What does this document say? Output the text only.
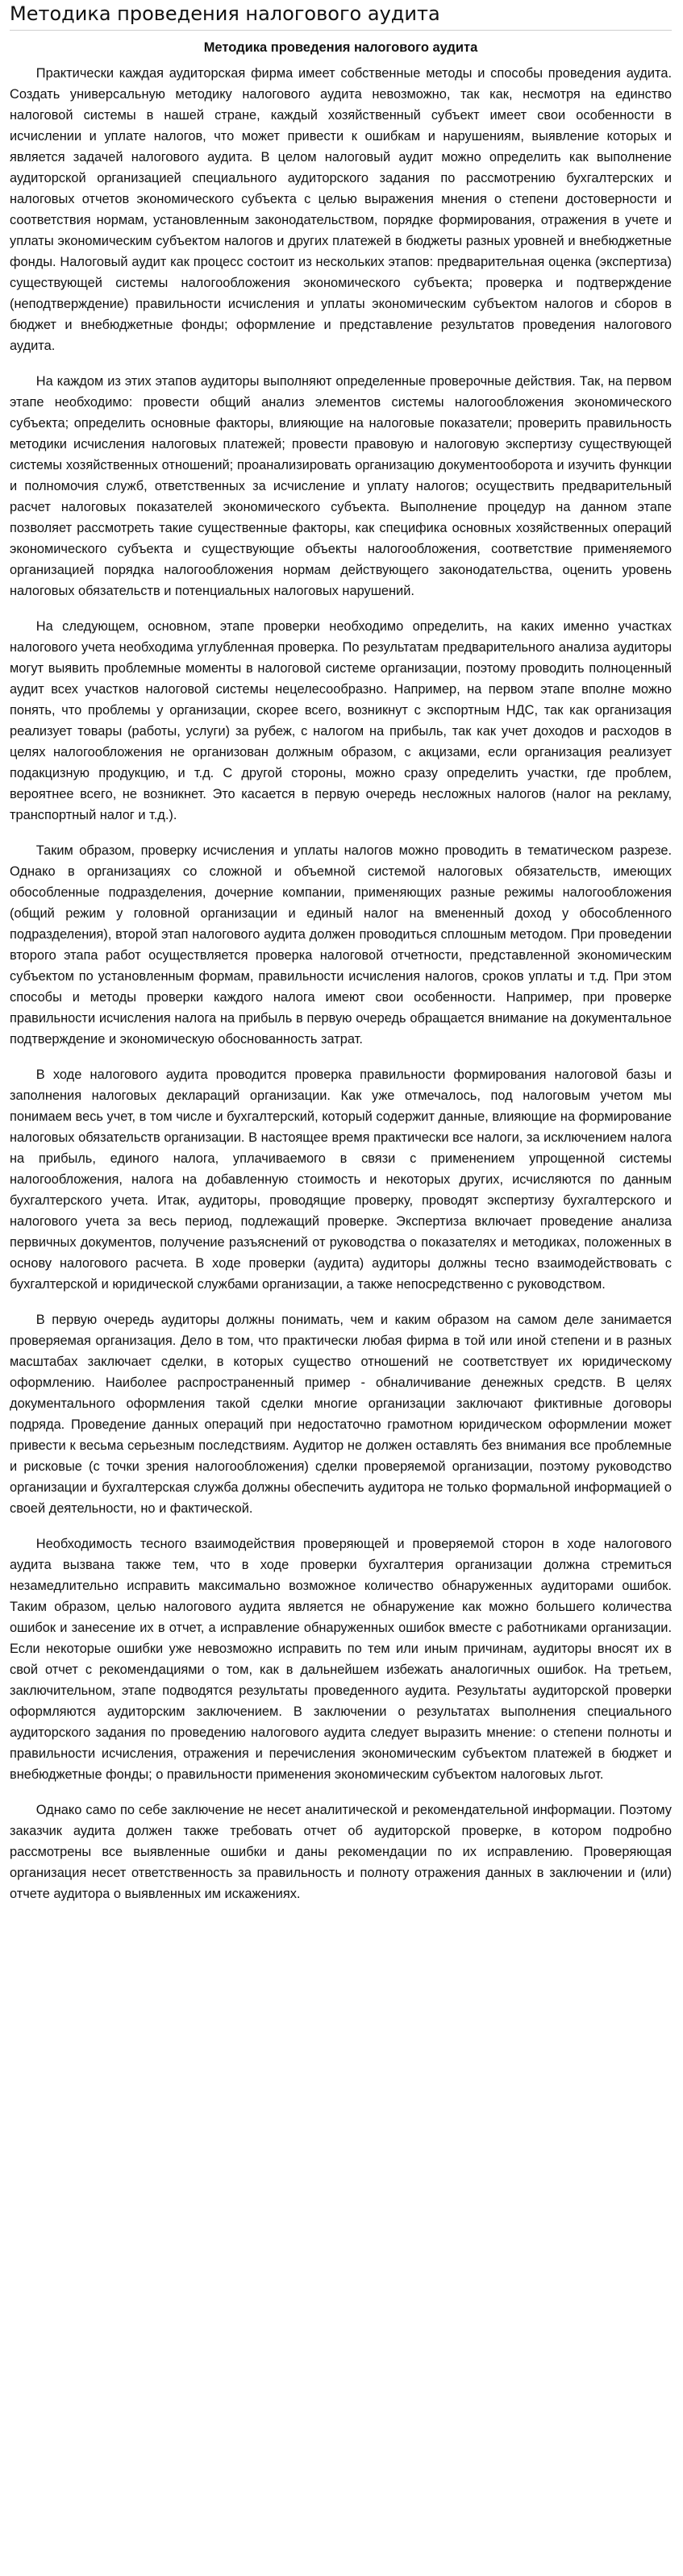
Методика проведения налогового аудита
Методика проведения налогового аудита

Практически каждая аудиторская фирма имеет собственные методы и способы проведения аудита. Создать универсальную методику налогового аудита невозможно, так как, несмотря на единство налоговой системы в нашей стране, каждый хозяйственный субъект имеет свои особенности в исчислении и уплате налогов, что может привести к ошибкам и нарушениям, выявление которых и является задачей налогового аудита. В целом налоговый аудит можно определить как выполнение аудиторской организацией специального аудиторского задания по рассмотрению бухгалтерских и налоговых отчетов экономического субъекта с целью выражения мнения о степени достоверности и соответствия нормам, установленным законодательством, порядке формирования, отражения в учете и уплаты экономическим субъектом налогов и других платежей в бюджеты разных уровней и внебюджетные фонды. Налоговый аудит как процесс состоит из нескольких этапов: предварительная оценка (экспертиза) существующей системы налогообложения экономического субъекта; проверка и подтверждение (неподтверждение) правильности исчисления и уплаты экономическим субъектом налогов и сборов в бюджет и внебюджетные фонды; оформление и представление результатов проведения налогового аудита.

На каждом из этих этапов аудиторы выполняют определенные проверочные действия. Так, на первом этапе необходимо: провести общий анализ элементов системы налогообложения экономического субъекта; определить основные факторы, влияющие на налоговые показатели; проверить правильность методики исчисления налоговых платежей; провести правовую и налоговую экспертизу существующей системы хозяйственных отношений; проанализировать организацию документооборота и изучить функции и полномочия служб, ответственных за исчисление и уплату налогов; осуществить предварительный расчет налоговых показателей экономического субъекта. Выполнение процедур на данном этапе позволяет рассмотреть такие существенные факторы, как специфика основных хозяйственных операций экономического субъекта и существующие объекты налогообложения, соответствие применяемого организацией порядка налогообложения нормам действующего законодательства, оценить уровень налоговых обязательств и потенциальных налоговых нарушений.

На следующем, основном, этапе проверки необходимо определить, на каких именно участках налогового учета необходима углубленная проверка. По результатам предварительного анализа аудиторы могут выявить проблемные моменты в налоговой системе организации, поэтому проводить полноценный аудит всех участков налоговой системы нецелесообразно. Например, на первом этапе вполне можно понять, что проблемы у организации, скорее всего, возникнут с экспортным НДС, так как организация реализует товары (работы, услуги) за рубеж, с налогом на прибыль, так как учет доходов и расходов в целях налогообложения не организован должным образом, с акцизами, если организация реализует подакцизную продукцию, и т.д. С другой стороны, можно сразу определить участки, где проблем, вероятнее всего, не возникнет. Это касается в первую очередь несложных налогов (налог на рекламу, транспортный налог и т.д.).

Таким образом, проверку исчисления и уплаты налогов можно проводить в тематическом разрезе. Однако в организациях со сложной и объемной системой налоговых обязательств, имеющих обособленные подразделения, дочерние компании, применяющих разные режимы налогообложения (общий режим у головной организации и единый налог на вмененный доход у обособленного подразделения), второй этап налогового аудита должен проводиться сплошным методом. При проведении второго этапа работ осуществляется проверка налоговой отчетности, представленной экономическим субъектом по установленным формам, правильности исчисления налогов, сроков уплаты и т.д. При этом способы и методы проверки каждого налога имеют свои особенности. Например, при проверке правильности исчисления налога на прибыль в первую очередь обращается внимание на документальное подтверждение и экономическую обоснованность затрат.

В ходе налогового аудита проводится проверка правильности формирования налоговой базы и заполнения налоговых деклараций организации. Как уже отмечалось, под налоговым учетом мы понимаем весь учет, в том числе и бухгалтерский, который содержит данные, влияющие на формирование налоговых обязательств организации. В настоящее время практически все налоги, за исключением налога на прибыль, единого налога, уплачиваемого в связи с применением упрощенной системы налогообложения, налога на добавленную стоимость и некоторых других, исчисляются по данным бухгалтерского учета. Итак, аудиторы, проводящие проверку, проводят экспертизу бухгалтерского и налогового учета за весь период, подлежащий проверке. Экспертиза включает проведение анализа первичных документов, получение разъяснений от руководства о показателях и методиках, положенных в основу налогового расчета. В ходе проверки (аудита) аудиторы должны тесно взаимодействовать с бухгалтерской и юридической службами организации, а также непосредственно с руководством.

В первую очередь аудиторы должны понимать, чем и каким образом на самом деле занимается проверяемая организация. Дело в том, что практически любая фирма в той или иной степени и в разных масштабах заключает сделки, в которых существо отношений не соответствует их юридическому оформлению. Наиболее распространенный пример - обналичивание денежных средств. В целях документального оформления такой сделки многие организации заключают фиктивные договоры подряда. Проведение данных операций при недостаточно грамотном юридическом оформлении может привести к весьма серьезным последствиям. Аудитор не должен оставлять без внимания все проблемные и рисковые (с точки зрения налогообложения) сделки проверяемой организации, поэтому руководство организации и бухгалтерская служба должны обеспечить аудитора не только формальной информацией о своей деятельности, но и фактической.

Необходимость тесного взаимодействия проверяющей и проверяемой сторон в ходе налогового аудита вызвана также тем, что в ходе проверки бухгалтерия организации должна стремиться незамедлительно исправить максимально возможное количество обнаруженных аудиторами ошибок. Таким образом, целью налогового аудита является не обнаружение как можно большего количества ошибок и занесение их в отчет, а исправление обнаруженных ошибок вместе с работниками организации. Если некоторые ошибки уже невозможно исправить по тем или иным причинам, аудиторы вносят их в свой отчет с рекомендациями о том, как в дальнейшем избежать аналогичных ошибок. На третьем, заключительном, этапе подводятся результаты проведенного аудита. Результаты аудиторской проверки оформляются аудиторским заключением. В заключении о результатах выполнения специального аудиторского задания по проведению налогового аудита следует выразить мнение: о степени полноты и правильности исчисления, отражения и перечисления экономическим субъектом платежей в бюджет и внебюджетные фонды; о правильности применения экономическим субъектом налоговых льгот.

Однако само по себе заключение не несет аналитической и рекомендательной информации. Поэтому заказчик аудита должен также требовать отчет об аудиторской проверке, в котором подробно рассмотрены все выявленные ошибки и даны рекомендации по их исправлению. Проверяющая организация несет ответственность за правильность и полноту отражения данных в заключении и (или) отчете аудитора о выявленных им искажениях.
